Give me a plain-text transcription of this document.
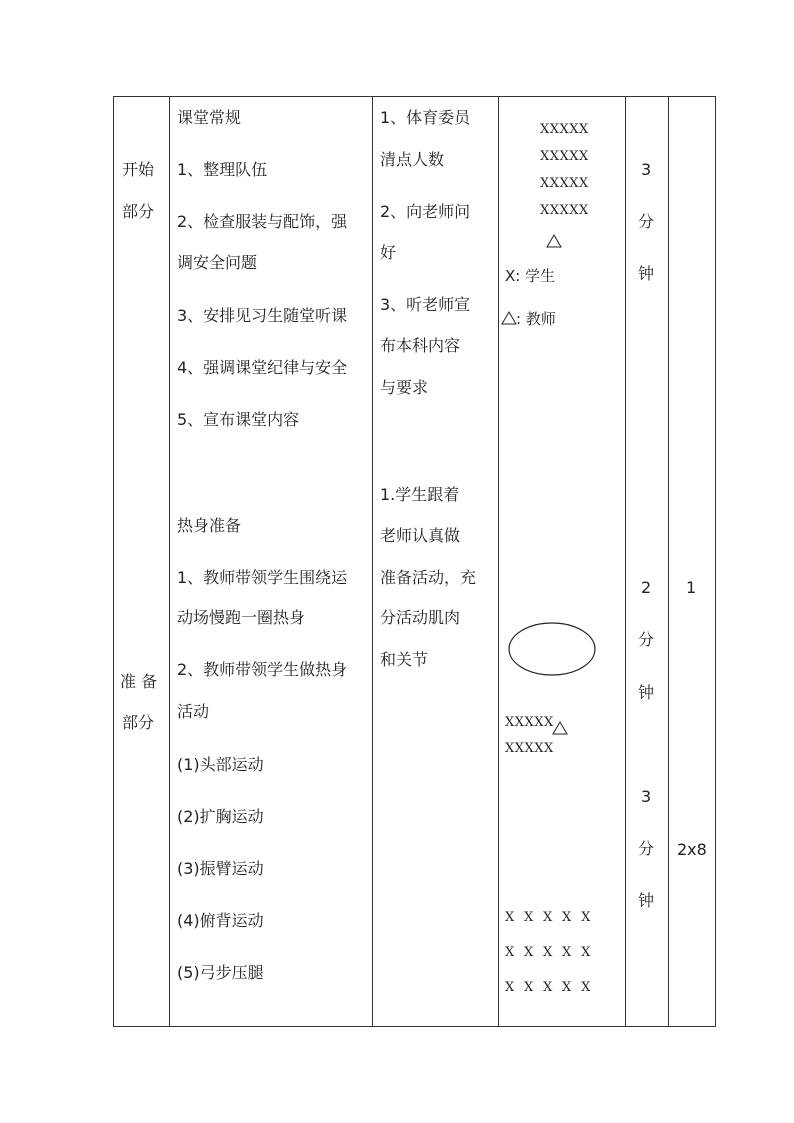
开始
部分
准 备
部分
课堂常规
1、整理队伍
2、检查服装与配饰，强
调安全问题
3、安排见习生随堂听课
4、强调课堂纪律与安全
5、宣布课堂内容
1、体育委员
清点人数
2、向老师问
好
3、听老师宣
布本科内容
与要求
XXXXX
XXXXX
XXXXX
XXXXX
X: 学生
: 教师
3
分
钟
热身准备
1、教师带领学生围绕运
动场慢跑一圈热身
2、教师带领学生做热身
活动
(1)头部运动
(2)扩胸运动
(3)振臂运动
(4)俯背运动
(5)弓步压腿
1.学生跟着
老师认真做
准备活动，充
分活动肌肉
和关节
XXXXX
XXXXX
X  X  X  X  X
X  X  X  X  X
X  X  X  X  X
2
分
钟
3
分
钟
1
2x8
